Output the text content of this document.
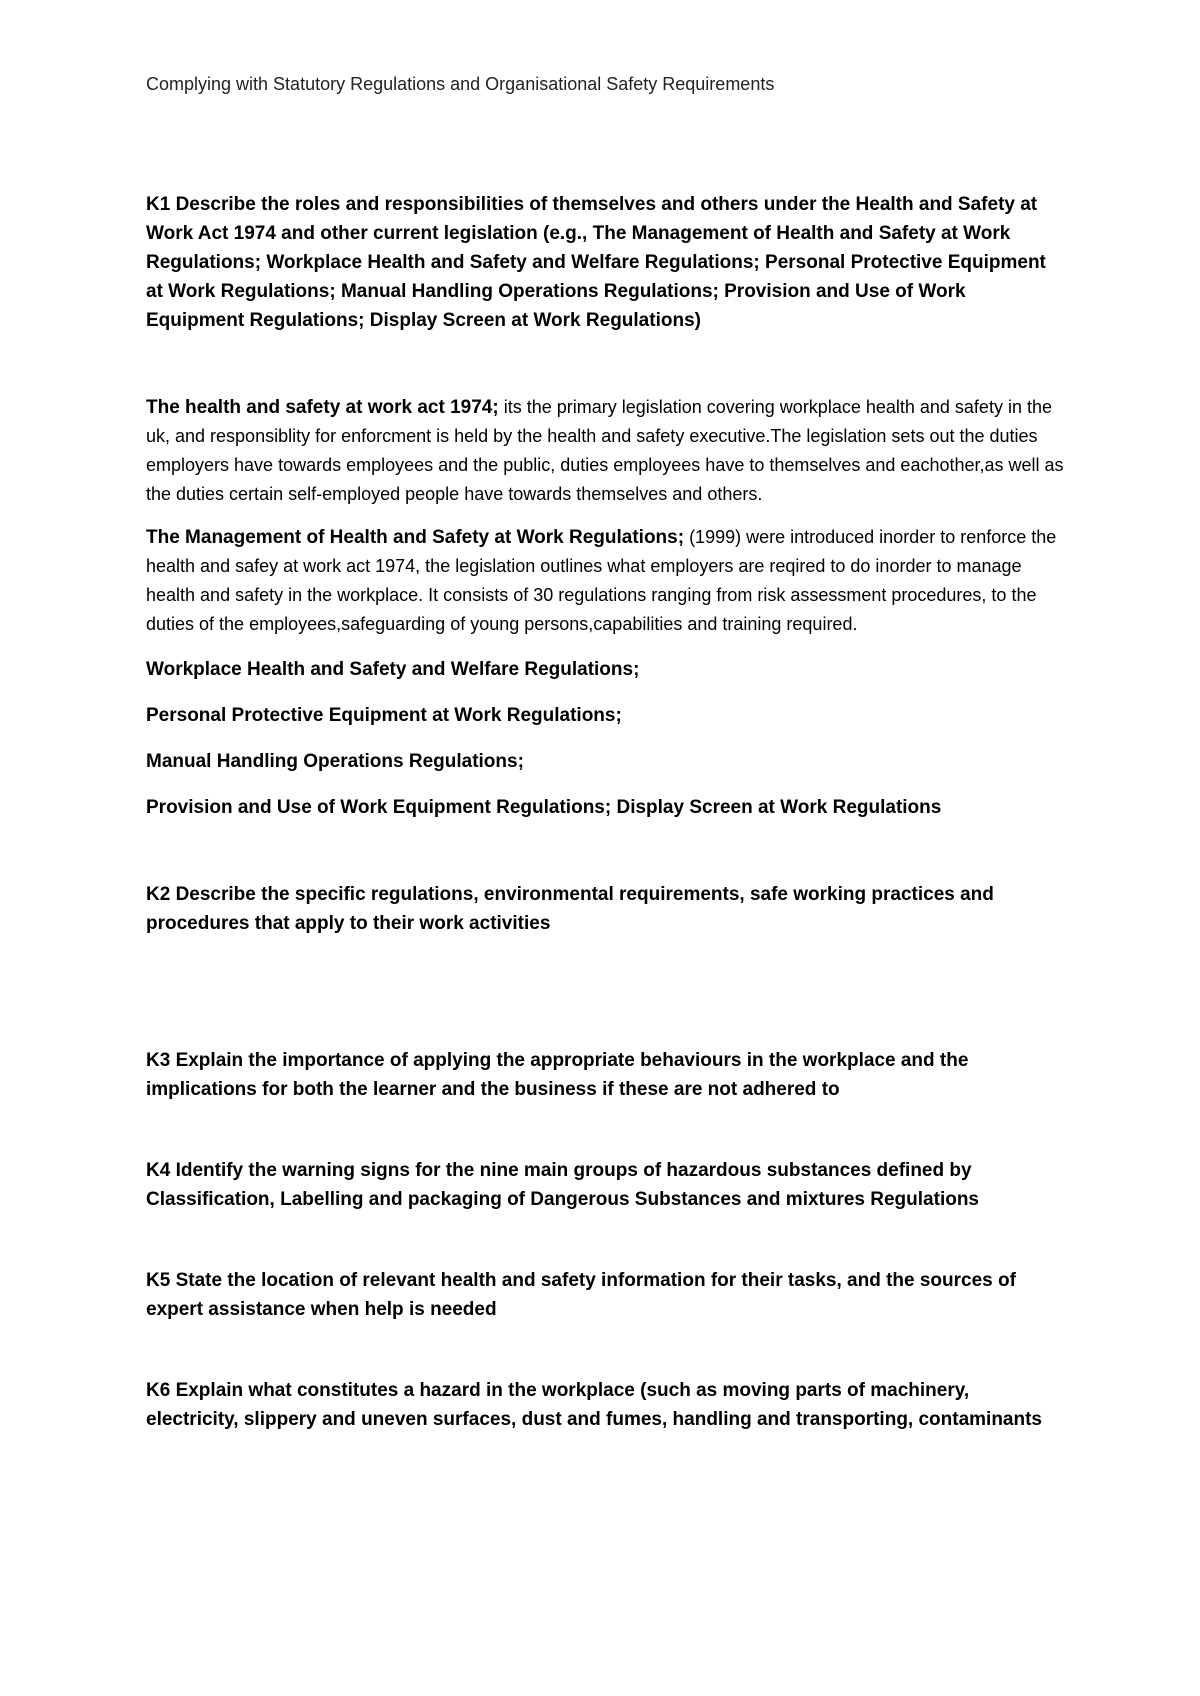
Complying with Statutory Regulations and Organisational Safety Requirements

K1 Describe the roles and responsibilities of themselves and others under the Health and Safety at Work Act 1974 and other current legislation (e.g., The Management of Health and Safety at Work Regulations; Workplace Health and Safety and Welfare Regulations; Personal Protective Equipment at Work Regulations; Manual Handling Operations Regulations; Provision and Use of Work Equipment Regulations; Display Screen at Work Regulations)

The health and safety at work act 1974; its the primary legislation covering workplace health and safety in the uk, and responsiblity for enforcment is held by the health and safety executive.The legislation sets out the duties employers have towards employees and the public, duties employees have to themselves and eachother,as well as the duties certain self-employed people have towards themselves and others.

The Management of Health and Safety at Work Regulations; (1999) were introduced inorder to renforce the health and safey at work act 1974, the legislation outlines what employers are reqired to do inorder to manage health and safety in the workplace. It consists of 30 regulations ranging from risk assessment procedures, to the duties of the employees,safeguarding of young persons,capabilities and training required.

Workplace Health and Safety and Welfare Regulations;

Personal Protective Equipment at Work Regulations;

Manual Handling Operations Regulations;

Provision and Use of Work Equipment Regulations; Display Screen at Work Regulations

K2 Describe the specific regulations, environmental requirements, safe working practices and procedures that apply to their work activities

K3 Explain the importance of applying the appropriate behaviours in the workplace and the implications for both the learner and the business if these are not adhered to

K4 Identify the warning signs for the nine main groups of hazardous substances defined by Classification, Labelling and packaging of Dangerous Substances and mixtures Regulations

K5 State the location of relevant health and safety information for their tasks, and the sources of expert assistance when help is needed

K6 Explain what constitutes a hazard in the workplace (such as moving parts of machinery, electricity, slippery and uneven surfaces, dust and fumes, handling and transporting, contaminants
